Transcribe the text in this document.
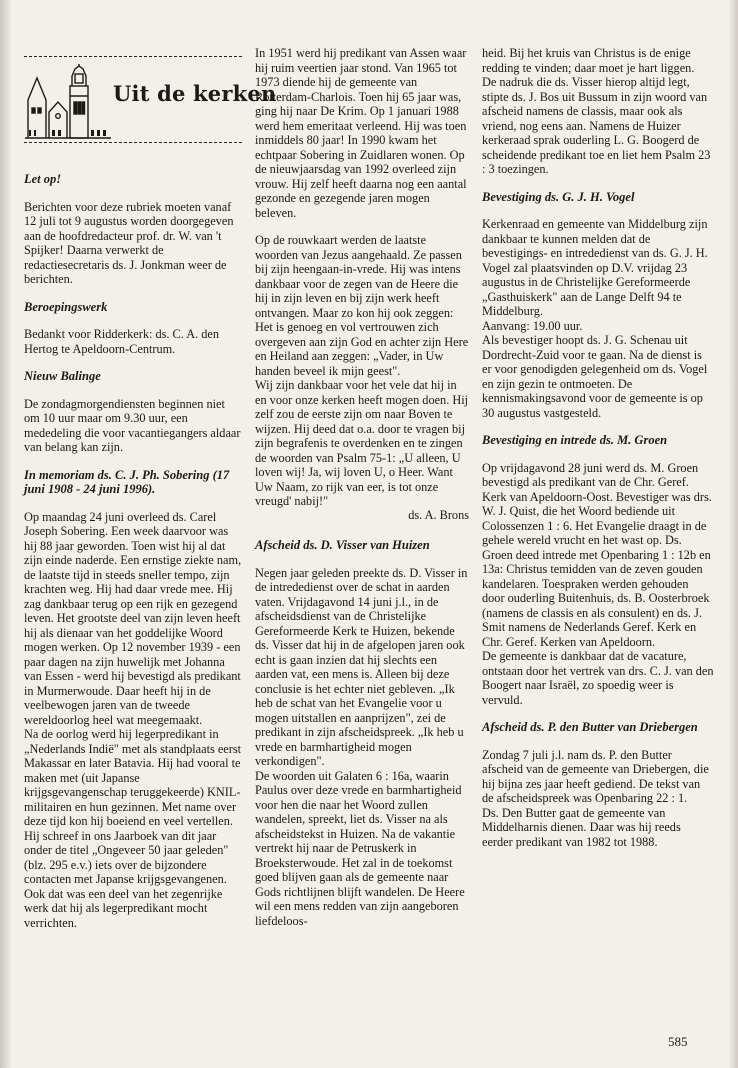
Uit de kerken
Let op!

Berichten voor deze rubriek moeten vanaf 12 juli tot 9 augustus worden doorgegeven aan de hoofdredacteur prof. dr. W. van 't Spijker! Daarna verwerkt de redactiesecretaris ds. J. Jonkman weer de berichten.

Beroepingswerk

Bedankt voor Ridderkerk: ds. C. A. den Hertog te Apeldoorn-Centrum.

Nieuw Balinge

De zondagmorgendiensten beginnen niet om 10 uur maar om 9.30 uur, een mededeling die voor vacantiegangers aldaar van belang kan zijn.

In memoriam ds. C. J. Ph. Sobering (17 juni 1908 - 24 juni 1996).

Op maandag 24 juni overleed ds. Carel Joseph Sobering. Een week daarvoor was hij 88 jaar geworden. Toen wist hij al dat zijn einde naderde. Een ernstige ziekte nam, de laatste tijd in steeds sneller tempo, zijn krachten weg. Hij had daar vrede mee. Hij zag dankbaar terug op een rijk en gezegend leven. Het grootste deel van zijn leven heeft hij als dienaar van het goddelijke Woord mogen werken. Op 12 november 1939 - een paar dagen na zijn huwelijk met Johanna van Essen - werd hij bevestigd als predikant in Murmerwoude. Daar heeft hij in de veelbewogen jaren van de tweede wereldoorlog heel wat meegemaakt.

Na de oorlog werd hij legerpredikant in „Nederlands Indië" met als standplaats eerst Makassar en later Batavia. Hij had vooral te maken met (uit Japanse krijgsgevangenschap teruggekeerde) KNIL-militairen en hun gezinnen. Met name over deze tijd kon hij boeiend en veel vertellen. Hij schreef in ons Jaarboek van dit jaar onder de titel „Ongeveer 50 jaar geleden" (blz. 295 e.v.) iets over de bijzondere contacten met Japanse krijgsgevangenen. Ook dat was een deel van het zegenrijke werk dat hij als legerpredikant mocht verrichten.

In 1951 werd hij predikant van Assen waar hij ruim veertien jaar stond. Van 1965 tot 1973 diende hij de gemeente van Rotterdam-Charlois. Toen hij 65 jaar was, ging hij naar De Krim. Op 1 januari 1988 werd hem emeritaat verleend. Hij was toen inmiddels 80 jaar! In 1990 kwam het echtpaar Sobering in Zuidlaren wonen. Op de nieuwjaarsdag van 1992 overleed zijn vrouw. Hij zelf heeft daarna nog een aantal gezonde en gezegende jaren mogen beleven.

Op de rouwkaart werden de laatste woorden van Jezus aangehaald. Ze passen bij zijn heengaan-in-vrede. Hij was intens dankbaar voor de zegen van de Heere die hij in zijn leven en bij zijn werk heeft ontvangen. Maar zo kon hij ook zeggen: Het is genoeg en vol vertrouwen zich overgeven aan zijn God en achter zijn Here en Heiland aan zeggen: „Vader, in Uw handen beveel ik mijn geest".

Wij zijn dankbaar voor het vele dat hij in en voor onze kerken heeft mogen doen. Hij zelf zou de eerste zijn om naar Boven te wijzen. Hij deed dat o.a. door te vragen bij zijn begrafenis te overdenken en te zingen de woorden van Psalm 75-1: „U alleen, U loven wij! Ja, wij loven U, o Heer. Want Uw Naam, zo rijk van eer, is tot onze vreugd' nabij!"

ds. A. Brons
Afscheid ds. D. Visser van Huizen

Negen jaar geleden preekte ds. D. Visser in de intrededienst over de schat in aarden vaten. Vrijdagavond 14 juni j.l., in de afscheidsdienst van de Christelijke Gereformeerde Kerk te Huizen, bekende ds. Visser dat hij in de afgelopen jaren ook echt is gaan inzien dat hij slechts een aarden vat, een mens is. Alleen bij deze conclusie is het echter niet gebleven. „Ik heb de schat van het Evangelie voor u mogen uitstallen en aanprijzen", zei de predikant in zijn afscheidspreek. „Ik heb u vrede en barmhartigheid mogen verkondigen".

De woorden uit Galaten 6 : 16a, waarin Paulus over deze vrede en barmhartigheid voor hen die naar het Woord zullen wandelen, spreekt, liet ds. Visser na als afscheidstekst in Huizen. Na de vakantie vertrekt hij naar de Petruskerk in Broeksterwoude. Het zal in de toekomst goed blijven gaan als de gemeente naar Gods richtlijnen blijft wandelen. De Heere wil een mens redden van zijn aangeboren liefdeloos-

heid. Bij het kruis van Christus is de enige redding te vinden; daar moet je hart liggen.

De nadruk die ds. Visser hierop altijd legt, stipte ds. J. Bos uit Bussum in zijn woord van afscheid namens de classis, maar ook als vriend, nog eens aan. Namens de Huizer kerkeraad sprak ouderling L. G. Boogerd de scheidende predikant toe en liet hem Psalm 23 : 3 toezingen.

Bevestiging ds. G. J. H. Vogel

Kerkenraad en gemeente van Middelburg zijn dankbaar te kunnen melden dat de bevestigings- en intrededienst van ds. G. J. H. Vogel zal plaatsvinden op D.V. vrijdag 23 augustus in de Christelijke Gereformeerde „Gasthuiskerk" aan de Lange Delft 94 te Middelburg.

Aanvang: 19.00 uur.

Als bevestiger hoopt ds. J. G. Schenau uit Dordrecht-Zuid voor te gaan. Na de dienst is er voor genodigden gelegenheid om ds. Vogel en zijn gezin te ontmoeten. De kennismakingsavond voor de gemeente is op 30 augustus vastgesteld.

Bevestiging en intrede ds. M. Groen

Op vrijdagavond 28 juni werd ds. M. Groen bevestigd als predikant van de Chr. Geref. Kerk van Apeldoorn-Oost. Bevestiger was drs. W. J. Quist, die het Woord bediende uit Colossenzen 1 : 6. Het Evangelie draagt in de gehele wereld vrucht en het wast op. Ds. Groen deed intrede met Openbaring 1 : 12b en 13a: Christus temidden van de zeven gouden kandelaren. Toespraken werden gehouden door ouderling Buitenhuis, ds. B. Oosterbroek (namens de classis en als consulent) en ds. J. Smit namens de Nederlands Geref. Kerk en Chr. Geref. Kerken van Apeldoorn.

De gemeente is dankbaar dat de vacature, ontstaan door het vertrek van drs. C. J. van den Boogert naar Israël, zo spoedig weer is vervuld.

Afscheid ds. P. den Butter van Driebergen

Zondag 7 juli j.l. nam ds. P. den Butter afscheid van de gemeente van Driebergen, die hij bijna zes jaar heeft gediend. De tekst van de afscheidspreek was Openbaring 22 : 1.

Ds. Den Butter gaat de gemeente van Middelharnis dienen. Daar was hij reeds eerder predikant van 1982 tot 1988.

585
